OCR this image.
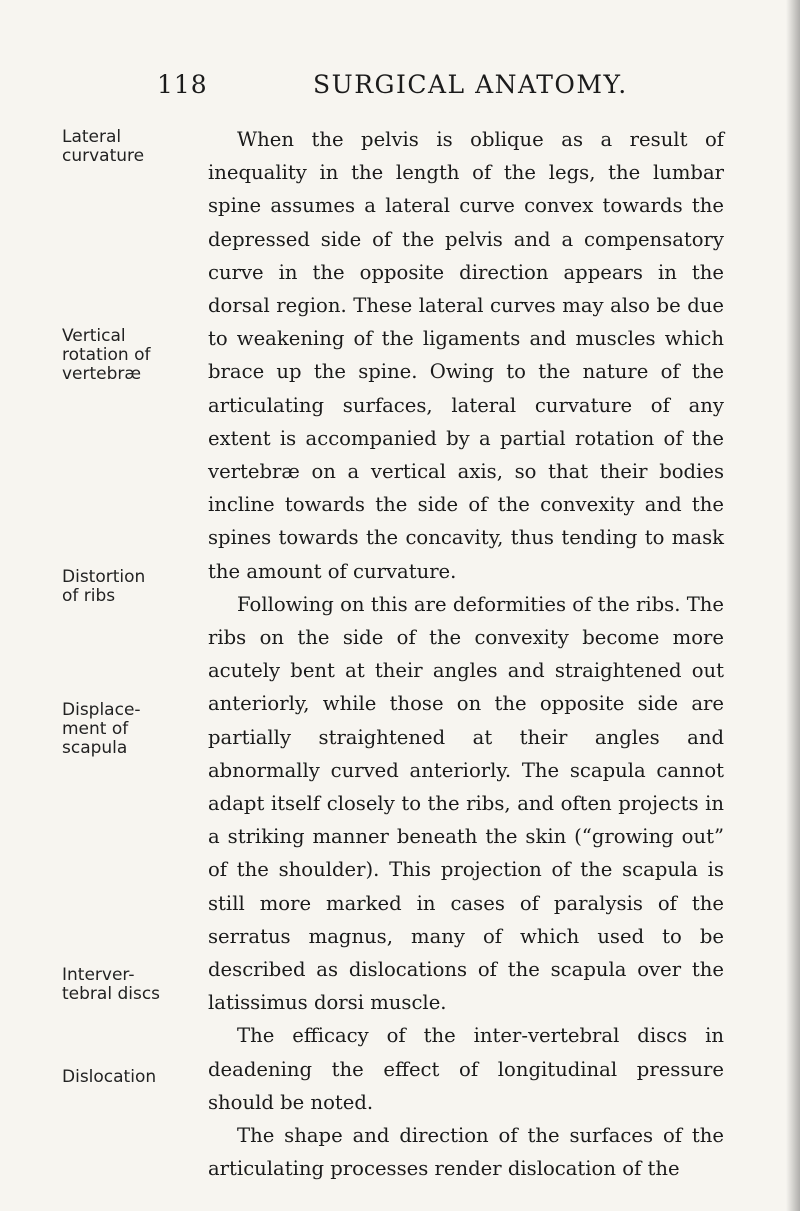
118	SURGICAL ANATOMY.
Lateral
curvature
Vertical
rotation of
vertebræ
Distortion
of ribs
Displace-
ment of
scapula
Interver-
tebral discs
Dislocation

When the pelvis is oblique as a result of inequality in the length of the legs, the lumbar spine assumes a lateral curve convex towards the depressed side of the pelvis and a compensatory curve in the opposite direction appears in the dorsal region. These lateral curves may also be due to weakening of the ligaments and muscles which brace up the spine. Owing to the nature of the articulating surfaces, lateral curvature of any extent is accompanied by a partial rotation of the vertebræ on a vertical axis, so that their bodies incline towards the side of the convexity and the spines towards the concavity, thus tending to mask the amount of curvature.

Following on this are deformities of the ribs. The ribs on the side of the convexity become more acutely bent at their angles and straightened out anteriorly, while those on the opposite side are partially straightened at their angles and abnormally curved anteriorly. The scapula cannot adapt itself closely to the ribs, and often projects in a striking manner beneath the skin (“growing out” of the shoulder). This projection of the scapula is still more marked in cases of paralysis of the serratus magnus, many of which used to be described as dislocations of the scapula over the latissimus dorsi muscle.

The efficacy of the inter-vertebral discs in deadening the effect of longitudinal pressure should be noted.

The shape and direction of the surfaces of the articulating processes render dislocation of the
